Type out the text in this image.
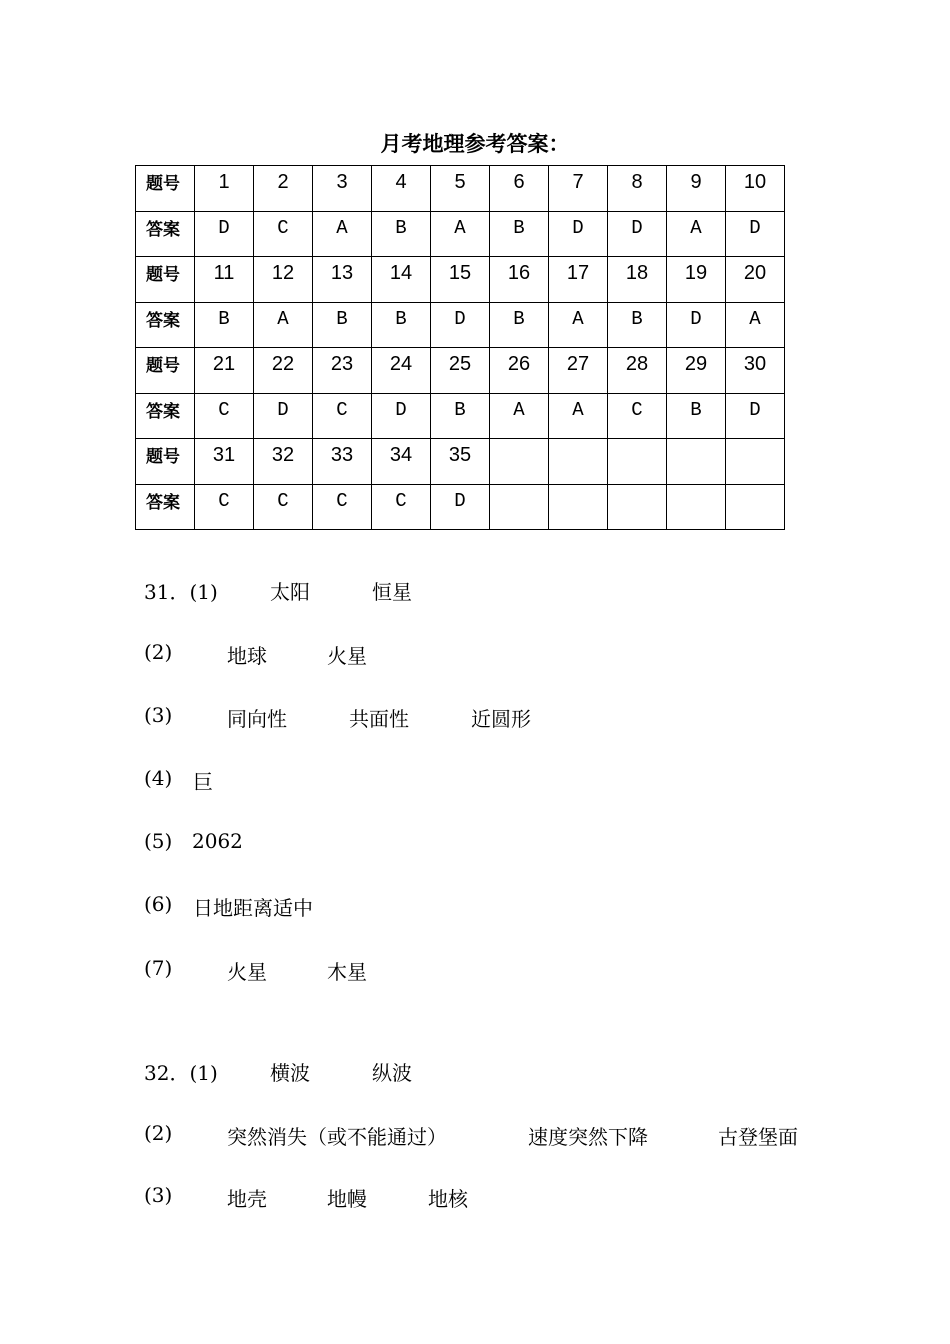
月考地理参考答案：
题号	1	2	3	4	5	6	7	8	9	10
答案	D	C	A	B	A	B	D	D	A	D
题号	11	12	13	14	15	16	17	18	19	20
答案	B	A	B	B	D	B	A	B	D	A
题号	21	22	23	24	25	26	27	28	29	30
答案	C	D	C	D	B	A	A	C	B	D
题号	31	32	33	34	35					
答案	C	C	C	C	D					
31．(1)	太阳	恒星
(2)	地球	火星
(3)	同向性	共面性	近圆形
(4) 巨
(5) 2062
(6) 日地距离适中
(7)	火星	木星
32．(1)	横波	纵波
(2)	突然消失（或不能通过）	速度突然下降	古登堡面
(3)	地壳	地幔	地核
